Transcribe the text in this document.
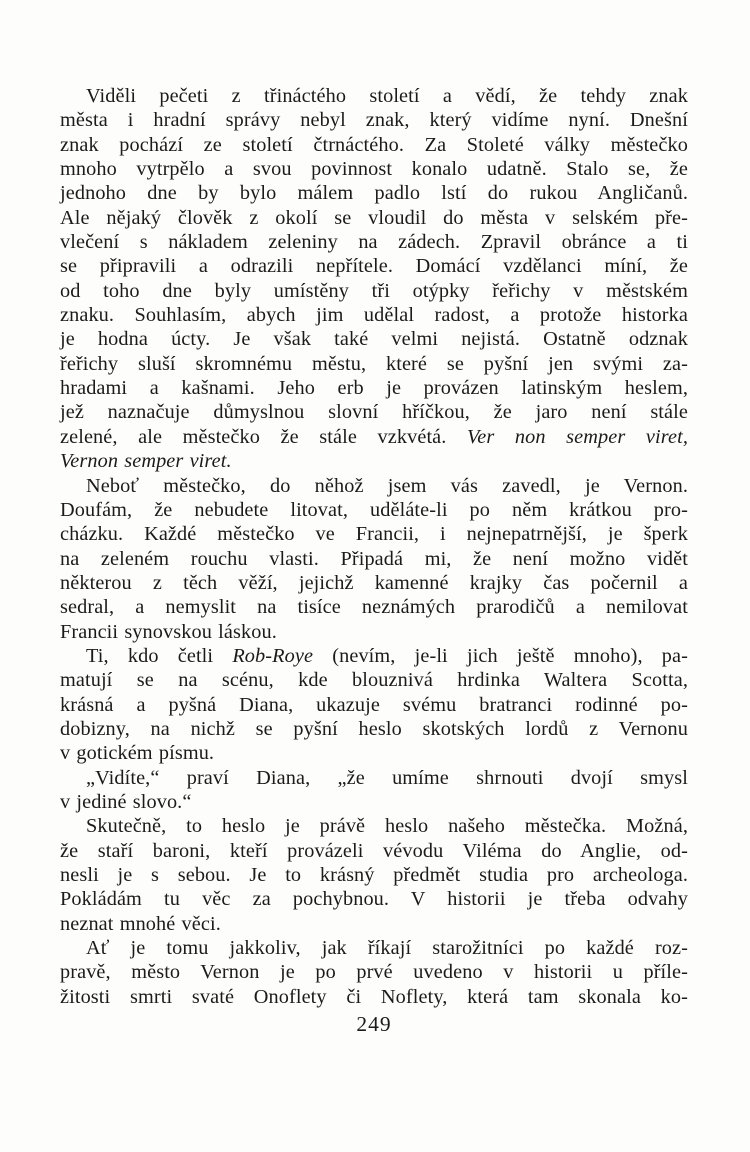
Viděli pečeti z třináctého století a vědí, že tehdy znak
města i hradní správy nebyl znak, který vidíme nyní. Dnešní
znak pochází ze století čtrnáctého. Za Stoleté války městečko
mnoho vytrpělo a svou povinnost konalo udatně. Stalo se, že
jednoho dne by bylo málem padlo lstí do rukou Angličanů.
Ale nějaký člověk z okolí se vloudil do města v selském pře-
vlečení s nákladem zeleniny na zádech. Zpravil obránce a ti
se připravili a odrazili nepřítele. Domácí vzdělanci míní, že
od toho dne byly umístěny tři otýpky řeřichy v městském
znaku. Souhlasím, abych jim udělal radost, a protože historka
je hodna úcty. Je však také velmi nejistá. Ostatně odznak
řeřichy sluší skromnému městu, které se pyšní jen svými za-
hradami a kašnami. Jeho erb je provázen latinským heslem,
jež naznačuje důmyslnou slovní hříčkou, že jaro není stále
zelené, ale městečko že stále vzkvétá. Ver non semper viret,
Vernon semper viret.
Neboť městečko, do něhož jsem vás zavedl, je Vernon.
Doufám, že nebudete litovat, uděláte-li po něm krátkou pro-
cházku. Každé městečko ve Francii, i nejnepatrnější, je šperk
na zeleném rouchu vlasti. Připadá mi, že není možno vidět
některou z těch věží, jejichž kamenné krajky čas počernil a
sedral, a nemyslit na tisíce neznámých prarodičů a nemilovat
Francii synovskou láskou.
Ti, kdo četli Rob-Roye (nevím, je-li jich ještě mnoho), pa-
matují se na scénu, kde blouznivá hrdinka Waltera Scotta,
krásná a pyšná Diana, ukazuje svému bratranci rodinné po-
dobizny, na nichž se pyšní heslo skotských lordů z Vernonu
v gotickém písmu.
„Vidíte,“ praví Diana, „že umíme shrnouti dvojí smysl
v jediné slovo.“
Skutečně, to heslo je právě heslo našeho městečka. Možná,
že staří baroni, kteří provázeli vévodu Viléma do Anglie, od-
nesli je s sebou. Je to krásný předmět studia pro archeologa.
Pokládám tu věc za pochybnou. V historii je třeba odvahy
neznat mnohé věci.
Ať je tomu jakkoliv, jak říkají starožitníci po každé roz-
pravě, město Vernon je po prvé uvedeno v historii u příle-
žitosti smrti svaté Onoflety či Noflety, která tam skonala ko-
249
